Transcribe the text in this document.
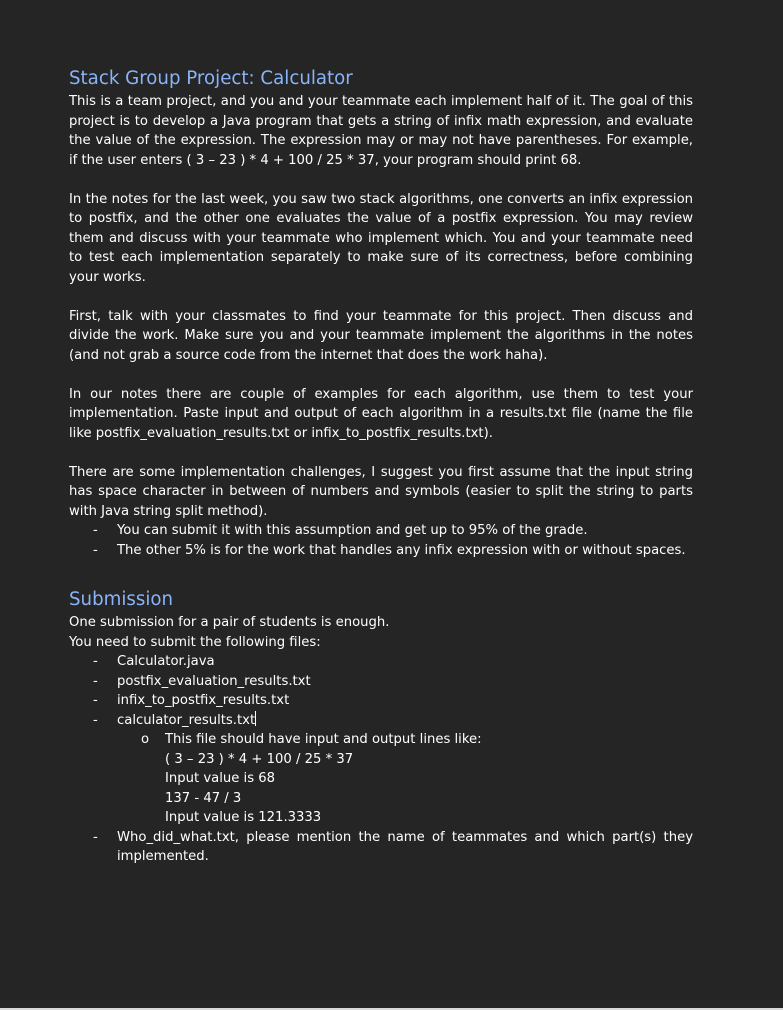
Stack Group Project: Calculator

This is a team project, and you and your teammate each implement half of it. The goal of this project is to develop a Java program that gets a string of infix math expression, and evaluate the value of the expression. The expression may or may not have parentheses. For example, if the user enters ( 3 – 23 ) * 4 + 100 / 25 * 37, your program should print 68.

In the notes for the last week, you saw two stack algorithms, one converts an infix expression to postfix, and the other one evaluates the value of a postfix expression. You may review them and discuss with your teammate who implement which. You and your teammate need to test each implementation separately to make sure of its correctness, before combining your works.

First, talk with your classmates to find your teammate for this project. Then discuss and divide the work. Make sure you and your teammate implement the algorithms in the notes (and not grab a source code from the internet that does the work haha).

In our notes there are couple of examples for each algorithm, use them to test your implementation. Paste input and output of each algorithm in a results.txt file (name the file like postfix_evaluation_results.txt or infix_to_postfix_results.txt).

There are some implementation challenges, I suggest you first assume that the input string has space character in between of numbers and symbols (easier to split the string to parts with Java string split method).

- You can submit it with this assumption and get up to 95% of the grade.
- The other 5% is for the work that handles any infix expression with or without spaces.
Submission

One submission for a pair of students is enough.

You need to submit the following files:

- Calculator.java
- postfix_evaluation_results.txt
- infix_to_postfix_results.txt
- calculator_results.txt
o This file should have input and output lines like:
( 3 – 23 ) * 4 + 100 / 25 * 37
Input value is 68
137 - 47 / 3
Input value is 121.3333
- Who_did_what.txt, please mention the name of teammates and which part(s) they implemented.
